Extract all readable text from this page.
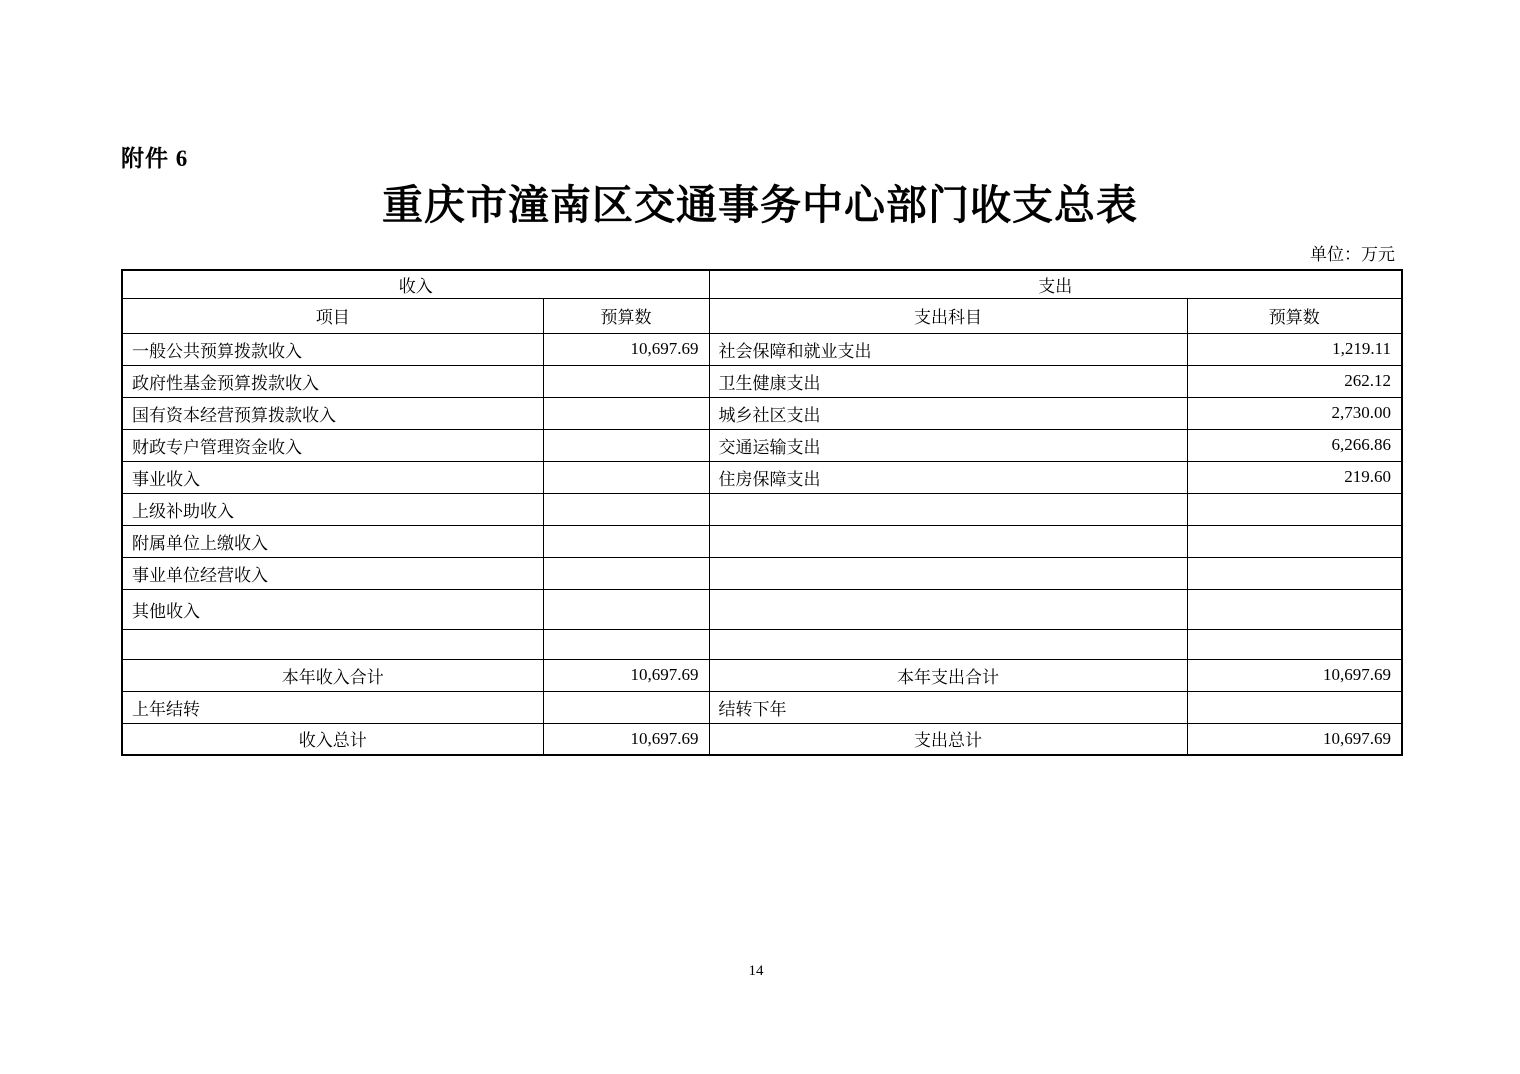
附件 6
重庆市潼南区交通事务中心部门收支总表
单位：万元
收入		支出	
项目	预算数	支出科目	预算数
一般公共预算拨款收入	10,697.69	社会保障和就业支出	1,219.11
政府性基金预算拨款收入		卫生健康支出	262.12
国有资本经营预算拨款收入		城乡社区支出	2,730.00
财政专户管理资金收入		交通运输支出	6,266.86
事业收入		住房保障支出	219.60
上级补助收入			
附属单位上缴收入			
事业单位经营收入			
其他收入			

本年收入合计	10,697.69	本年支出合计	10,697.69
上年结转		结转下年	
收入总计	10,697.69	支出总计	10,697.69
14
